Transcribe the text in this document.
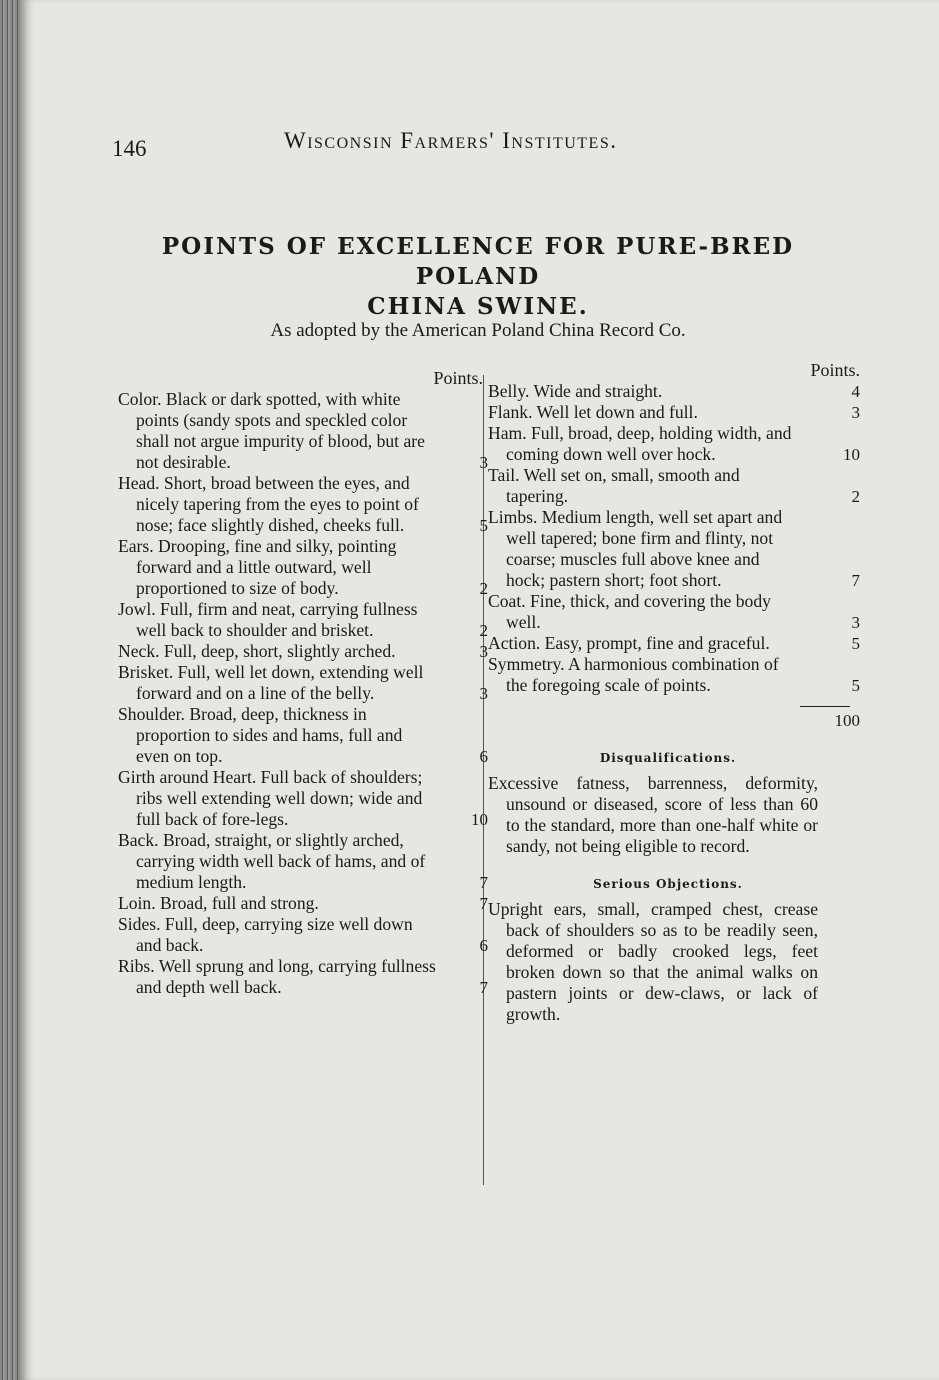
146	Wisconsin Farmers' Institutes.
POINTS OF EXCELLENCE FOR PURE-BRED POLAND
CHINA SWINE.
As adopted by the American Poland China Record Co.
Points.
Color. Black or dark spotted, with white points (sandy spots and speckled color shall not argue impurity of blood, but are not desirable.	3
Head. Short, broad between the eyes, and nicely tapering from the eyes to point of nose; face slightly dished, cheeks full.	5
Ears. Drooping, fine and silky, pointing forward and a little outward, well proportioned to size of body.	2
Jowl. Full, firm and neat, carrying fullness well back to shoulder and brisket.	2
Neck. Full, deep, short, slightly arched.	3
Brisket. Full, well let down, extending well forward and on a line of the belly.	3
Shoulder. Broad, deep, thickness in proportion to sides and hams, full and even on top.	6
Girth around Heart. Full back of shoulders; ribs well extending well down; wide and full back of fore-legs.	10
Back. Broad, straight, or slightly arched, carrying width well back of hams, and of medium length.	7
Loin. Broad, full and strong.	7
Sides. Full, deep, carrying size well down and back.	6
Ribs. Well sprung and long, carrying fullness and depth well back.	7
Points.
Belly. Wide and straight.	4
Flank. Well let down and full.	3
Ham. Full, broad, deep, holding width, and coming down well over hock.	10
Tail. Well set on, small, smooth and tapering.	2
Limbs. Medium length, well set apart and well tapered; bone firm and flinty, not coarse; muscles full above knee and hock; pastern short; foot short.	7
Coat. Fine, thick, and covering the body well.	3
Action. Easy, prompt, fine and graceful.	5
Symmetry. A harmonious combination of the foregoing scale of points.	5
100
Disqualifications.
Excessive fatness, barrenness, deformity, unsound or diseased, score of less than 60 to the standard, more than one-half white or sandy, not being eligible to record.
Serious Objections.
Upright ears, small, cramped chest, crease back of shoulders so as to be readily seen, deformed or badly crooked legs, feet broken down so that the animal walks on pastern joints or dew-claws, or lack of growth.
